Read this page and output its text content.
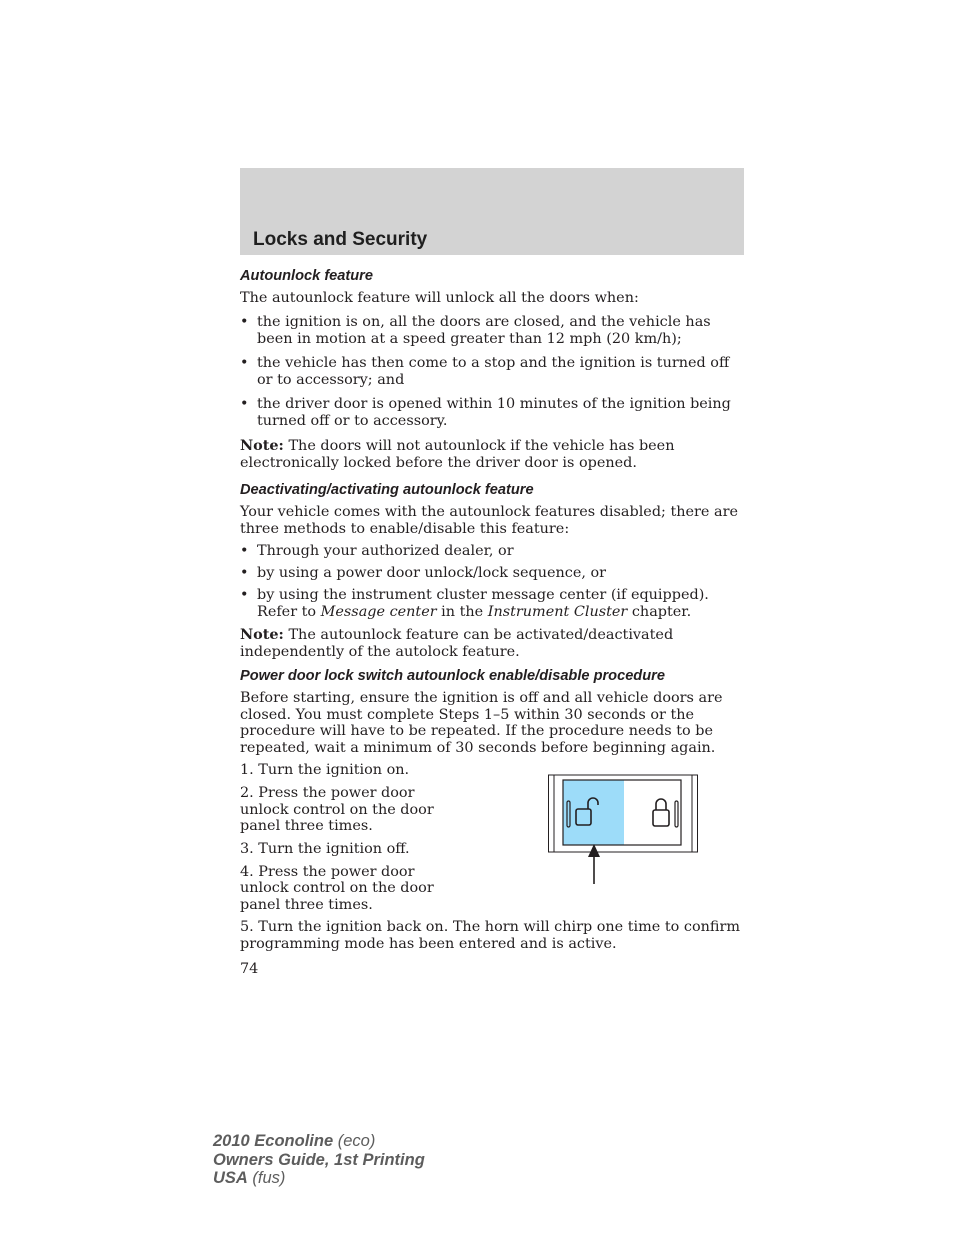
Locks and Security
Autounlock feature

The autounlock feature will unlock all the doors when:

• the ignition is on, all the doors are closed, and the vehicle has been in motion at a speed greater than 12 mph (20 km/h);
• the vehicle has then come to a stop and the ignition is turned off or to accessory; and
• the driver door is opened within 10 minutes of the ignition being turned off or to accessory.

Note: The doors will not autounlock if the vehicle has been electronically locked before the driver door is opened.

Deactivating/activating autounlock feature

Your vehicle comes with the autounlock features disabled; there are three methods to enable/disable this feature:

• Through your authorized dealer, or
• by using a power door unlock/lock sequence, or
• by using the instrument cluster message center (if equipped). Refer to Message center in the Instrument Cluster chapter.

Note: The autounlock feature can be activated/deactivated independently of the autolock feature.

Power door lock switch autounlock enable/disable procedure

Before starting, ensure the ignition is off and all vehicle doors are closed. You must complete Steps 1–5 within 30 seconds or the procedure will have to be repeated. If the procedure needs to be repeated, wait a minimum of 30 seconds before beginning again.

1. Turn the ignition on.

2. Press the power door unlock control on the door panel three times.

3. Turn the ignition off.

4. Press the power door unlock control on the door panel three times.

5. Turn the ignition back on. The horn will chirp one time to confirm programming mode has been entered and is active.

74
2010 Econoline (eco)
Owners Guide, 1st Printing
USA (fus)
